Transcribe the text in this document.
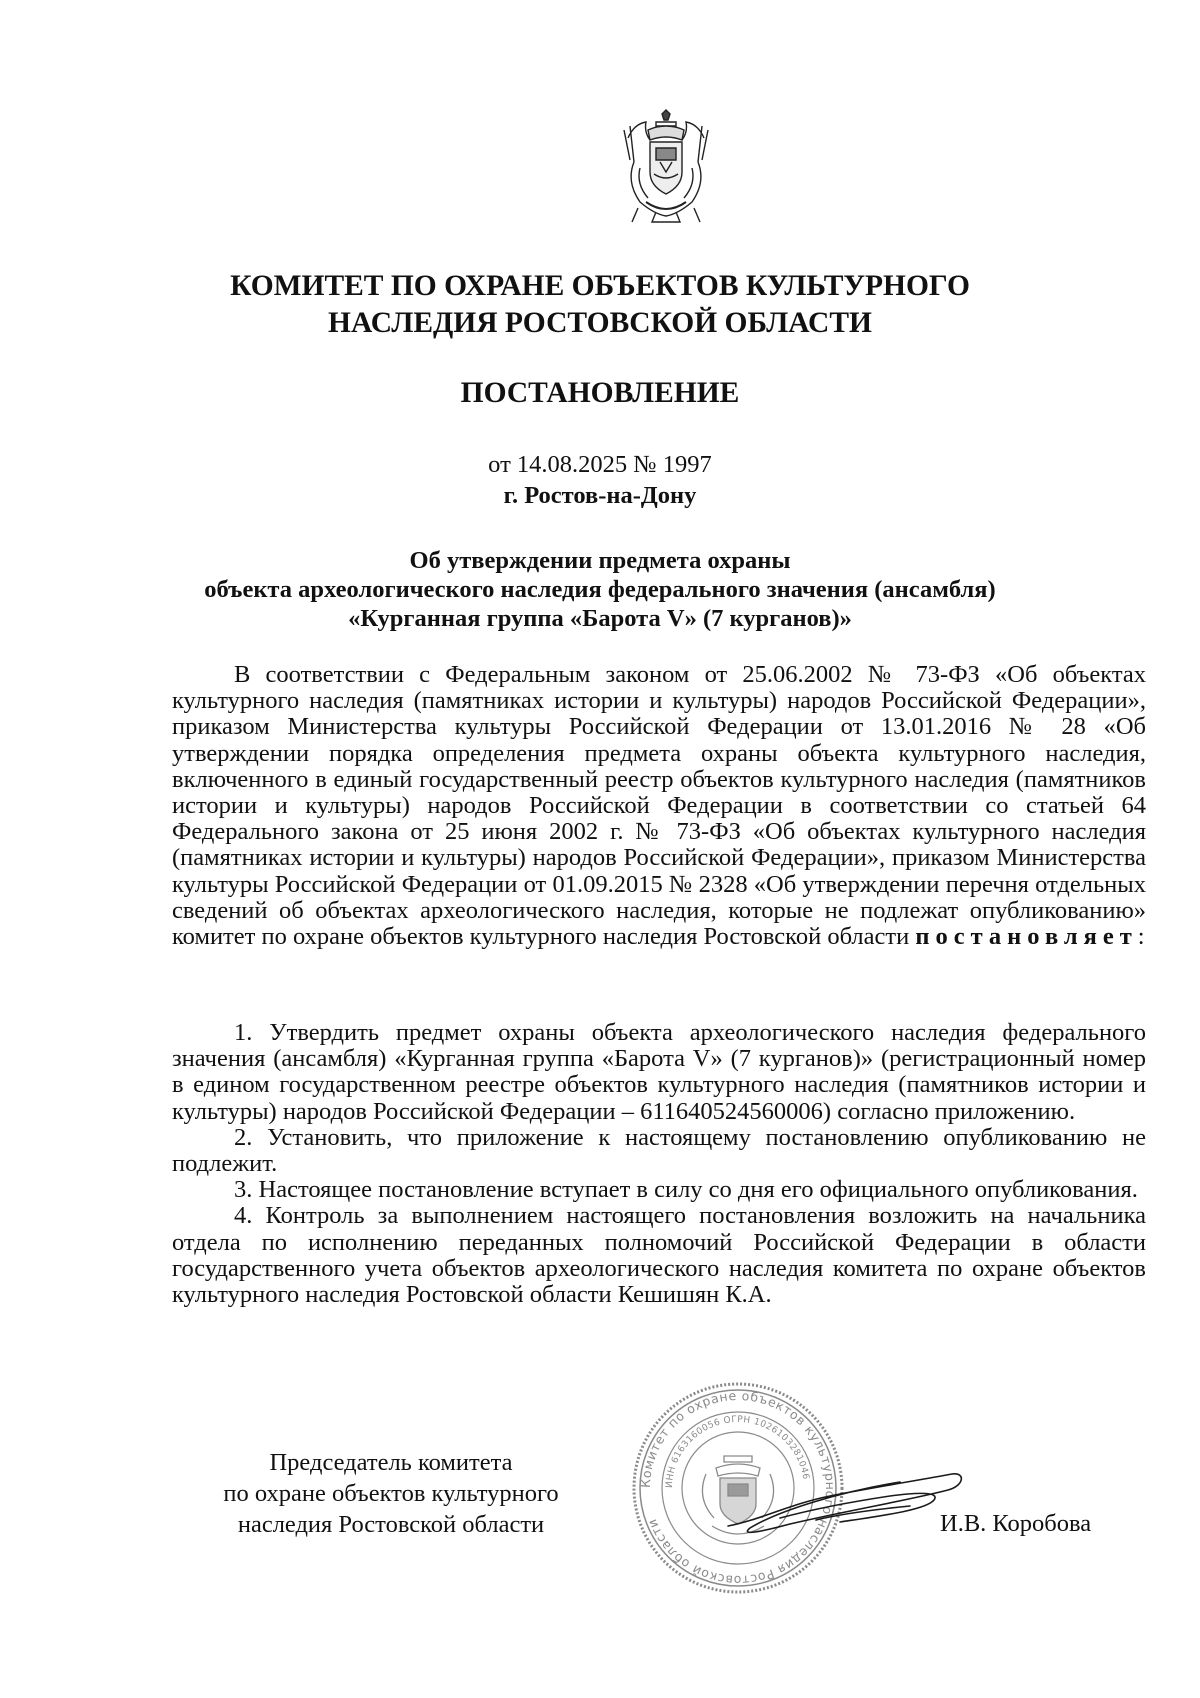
КОМИТЕТ ПО ОХРАНЕ ОБЪЕКТОВ КУЛЬТУРНОГО
НАСЛЕДИЯ РОСТОВСКОЙ ОБЛАСТИ
ПОСТАНОВЛЕНИЕ
от 14.08.2025 № 1997
г. Ростов-на-Дону
Об утверждении предмета охраны
объекта археологического наследия федерального значения (ансамбля)
«Курганная группа «Барота V» (7 курганов)»

В соответствии с Федеральным законом от 25.06.2002 № 73-ФЗ «Об объектах культурного наследия (памятниках истории и культуры) народов Российской Федерации», приказом Министерства культуры Российской Федерации от 13.01.2016 № 28 «Об утверждении порядка определения предмета охраны объекта культурного наследия, включенного в единый государственный реестр объектов культурного наследия (памятников истории и культуры) народов Российской Федерации в соответствии со статьей 64 Федерального закона от 25 июня 2002 г. № 73-ФЗ «Об объектах культурного наследия (памятниках истории и культуры) народов Российской Федерации», приказом Министерства культуры Российской Федерации от 01.09.2015 № 2328 «Об утверждении перечня отдельных сведений об объектах археологического наследия, которые не подлежат опубликованию» комитет по охране объектов культурного наследия Ростовской области постановляет:

1. Утвердить предмет охраны объекта археологического наследия федерального значения (ансамбля) «Курганная группа «Барота V» (7 курганов)» (регистрационный номер в едином государственном реестре объектов культурного наследия (памятников истории и культуры) народов Российской Федерации – 611640524560006) согласно приложению.

2. Установить, что приложение к настоящему постановлению опубликованию не подлежит.

3. Настоящее постановление вступает в силу со дня его официального опубликования.

4. Контроль за выполнением настоящего постановления возложить на начальника отдела по исполнению переданных полномочий Российской Федерации в области государственного учета объектов археологического наследия комитета по охране объектов культурного наследия Ростовской области Кешишян К.А.

Комитет по охране объектов культурного наследия Ростовской области
ИНН 6163160056 ОГРН 1026103281046
Председатель комитета
по охране объектов культурного
наследия Ростовской области	И.В. Коробова
